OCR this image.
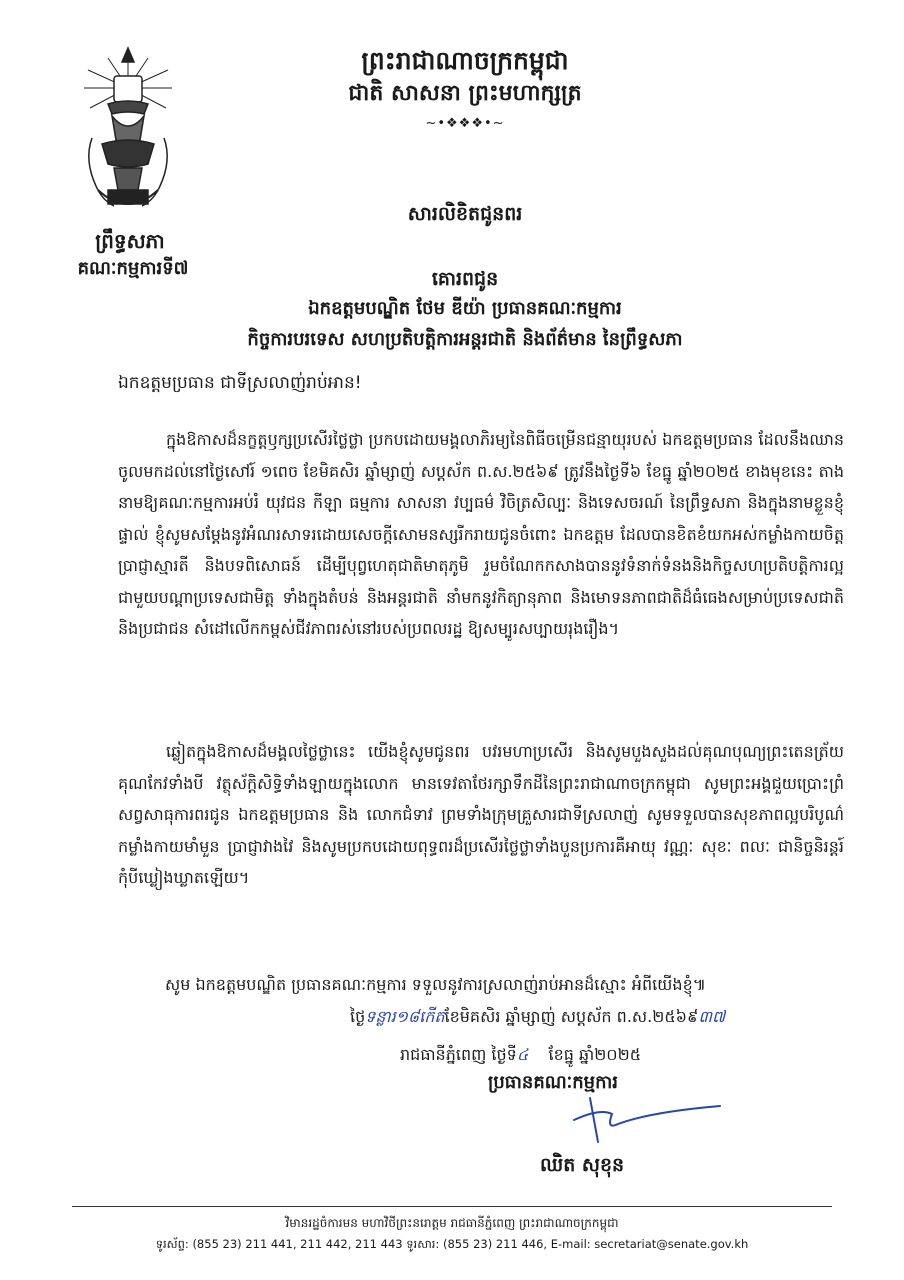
ព្រះរាជាណាចក្រកម្ពុជា
ជាតិ សាសនា ព្រះមហាក្សត្រ
~•❖❖❖•~
ព្រឹទ្ធសភា
គណៈកម្មការទី៧
សារលិខិតជូនពរ
គោរពជូន
ឯកឧត្តមបណ្ឌិត ថែម ឌីយ៉ា ប្រធានគណៈកម្មការ
កិច្ចការបរទេស សហប្រតិបត្តិការអន្តរជាតិ និងព័ត៌មាន នៃព្រឹទ្ធសភា
ឯកឧត្តមប្រធាន ជាទីស្រលាញ់រាប់អាន!
ក្នុងឱកាសដ៏នក្ខត្តឫក្សប្រសើរថ្លៃថ្លា ប្រកបដោយមង្គលាភិរម្យនៃពិធីចម្រើនជន្មាយុរបស់ ឯកឧត្តមប្រធាន ដែលនឹងឈានចូលមកដល់នៅថ្ងៃសៅរ៍ ១ពេច ខែមិគសិរ ឆ្នាំម្សាញ់ សប្តស័ក ព.ស.២៥៦៩ ត្រូវនឹងថ្ងៃទី៦ ខែធ្នូ ឆ្នាំ២០២៥ ខាងមុខនេះ តាងនាមឱ្យគណៈកម្មការអប់រំ យុវជន កីឡា ធម្មការ សាសនា វប្បធម៌ វិចិត្រសិល្បៈ និងទេសចរណ៍ នៃព្រឹទ្ធសភា និងក្នុងនាមខ្លួនខ្ញុំផ្ទាល់ ខ្ញុំសូមសម្តែងនូវអំណរសាទរដោយសេចក្តីសោមនស្សរីករាយជូនចំពោះ ឯកឧត្តម ដែលបានខិតខំយកអស់កម្លាំងកាយចិត្ត ប្រាជ្ញាស្មារតី និងបទពិសោធន៍ ដើម្បីបុព្វហេតុជាតិមាតុភូមិ រួមចំណែកកសាងបាននូវទំនាក់ទំនងនិងកិច្ចសហប្រតិបត្តិការល្អ ជាមួយបណ្តាប្រទេសជាមិត្ត ទាំងក្នុងតំបន់ និងអន្តរជាតិ នាំមកនូវកិត្យានុភាព និងមោទនភាពជាតិដ៏ធំធេងសម្រាប់ប្រទេសជាតិ និងប្រជាជន សំដៅលើកកម្ពស់ជីវភាពរស់នៅរបស់ប្រពលរដ្ឋ ឱ្យសម្បូរសប្បាយរុងរឿង។
ឆ្លៀតក្នុងឱកាសដ៏មង្គលថ្លៃថ្លានេះ យើងខ្ញុំសូមជូនពរ បវរមហាប្រសើរ និងសូមបួងសួងដល់គុណបុណ្យព្រះតេនត្រ័យ គុណកែវទាំងបី វត្ថុស័ក្តិសិទ្ធិទាំងឡាយក្នុងលោក មានទេវតាថែរក្សាទឹកដីនៃព្រះរាជាណាចក្រកម្ពុជា សូមព្រះអង្គជួយប្រោះព្រំសព្វសាធុការពរជូន ឯកឧត្តមប្រធាន និង លោកជំទាវ ព្រមទាំងក្រុមគ្រួសារជាទីស្រលាញ់ សូមទទួលបានសុខភាពល្អបរិបូណ៌ កម្លាំងកាយមាំមួន ប្រាជ្ញាវាងវៃ និងសូមប្រកបដោយពុទ្ធពរដ៏ប្រសើរថ្លៃថ្លាទាំងបួនប្រការគឺអាយុ វណ្ណៈ សុខៈ ពលៈ ជានិច្ចនិរន្តរ៍កុំបីឃ្លៀងឃ្លាតឡើយ។
សូម ឯកឧត្តមបណ្ឌិត ប្រធានគណៈកម្មការ ទទួលនូវការស្រលាញ់រាប់អានដ៏ស្មោះ អំពីយើងខ្ញុំ៕
ថ្ងៃទន្លារ១៨កើតខែមិគសិរ ឆ្នាំម្សាញ់ សប្តស័ក ព.ស.២៥៦៩៣៧
រាជធានីភ្នំពេញ ថ្ងៃទី៤ ខែធ្នូ ឆ្នាំ២០២៥
ប្រធានគណៈកម្មការ
ឈិត សុខុន
វិមានរដ្ឋចំការមន មហាវិថីព្រះនរោត្តម រាជធានីភ្នំពេញ ព្រះរាជាណាចក្រកម្ពុជា
ទូរស័ព្ទ: (855 23) 211 441, 211 442, 211 443 ទូរសារ: (855 23) 211 446, E-mail: secretariat@senate.gov.kh
